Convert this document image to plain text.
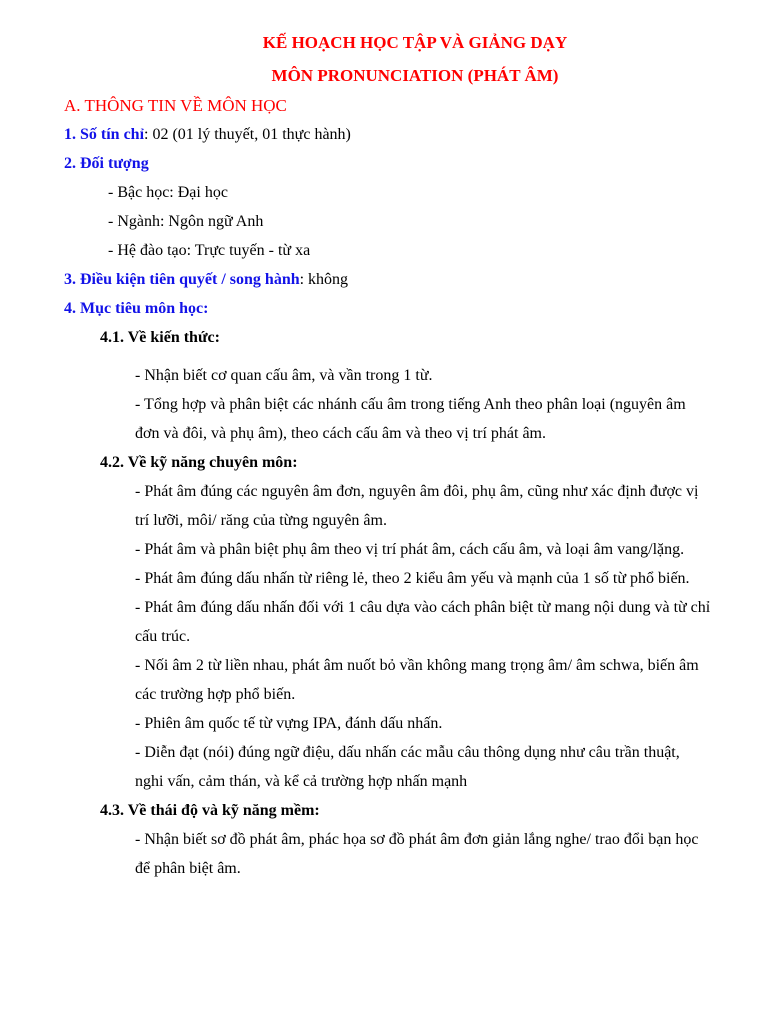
KẾ HOẠCH HỌC TẬP VÀ GIẢNG DẠY
MÔN PRONUNCIATION (PHÁT ÂM)
A. THÔNG TIN VỀ MÔN HỌC
1. Số tín chỉ: 02 (01 lý thuyết, 01 thực hành)
2. Đối tượng
- Bậc học: Đại học
- Ngành: Ngôn ngữ Anh
- Hệ đào tạo: Trực tuyến - từ xa
3. Điều kiện tiên quyết / song hành: không
4. Mục tiêu môn học:
4.1. Về kiến thức:
- Nhận biết cơ quan cấu âm, và vần trong 1 từ.
- Tổng hợp và phân biệt các nhánh cấu âm trong tiếng Anh theo phân loại (nguyên âm
đơn và đôi, và phụ âm), theo cách cấu âm và theo vị trí phát âm.
4.2. Về kỹ năng chuyên môn:
- Phát âm đúng các nguyên âm đơn, nguyên âm đôi, phụ âm, cũng như xác định được vị
trí lưỡi, môi/ răng của từng nguyên âm.
- Phát âm và phân biệt phụ âm theo vị trí phát âm, cách cấu âm, và loại âm vang/lặng.
- Phát âm đúng dấu nhấn từ riêng lẻ, theo 2 kiểu âm yếu và mạnh của 1 số từ phổ biến.
- Phát âm đúng dấu nhấn đối với 1 câu dựa vào cách phân biệt từ mang nội dung và từ chỉ
cấu trúc.
- Nối âm 2 từ liền nhau, phát âm nuốt bỏ vần không mang trọng âm/ âm schwa, biến âm
các trường hợp phổ biến.
- Phiên âm quốc tế từ vựng IPA, đánh dấu nhấn.
- Diễn đạt (nói) đúng ngữ điệu, dấu nhấn các mẫu câu thông dụng như câu trần thuật,
nghi vấn, cảm thán, và kể cả trường hợp nhấn mạnh
4.3. Về thái độ và kỹ năng mềm:
- Nhận biết sơ đồ phát âm, phác họa sơ đồ phát âm đơn giản lắng nghe/ trao đổi bạn học
để phân biệt âm.
